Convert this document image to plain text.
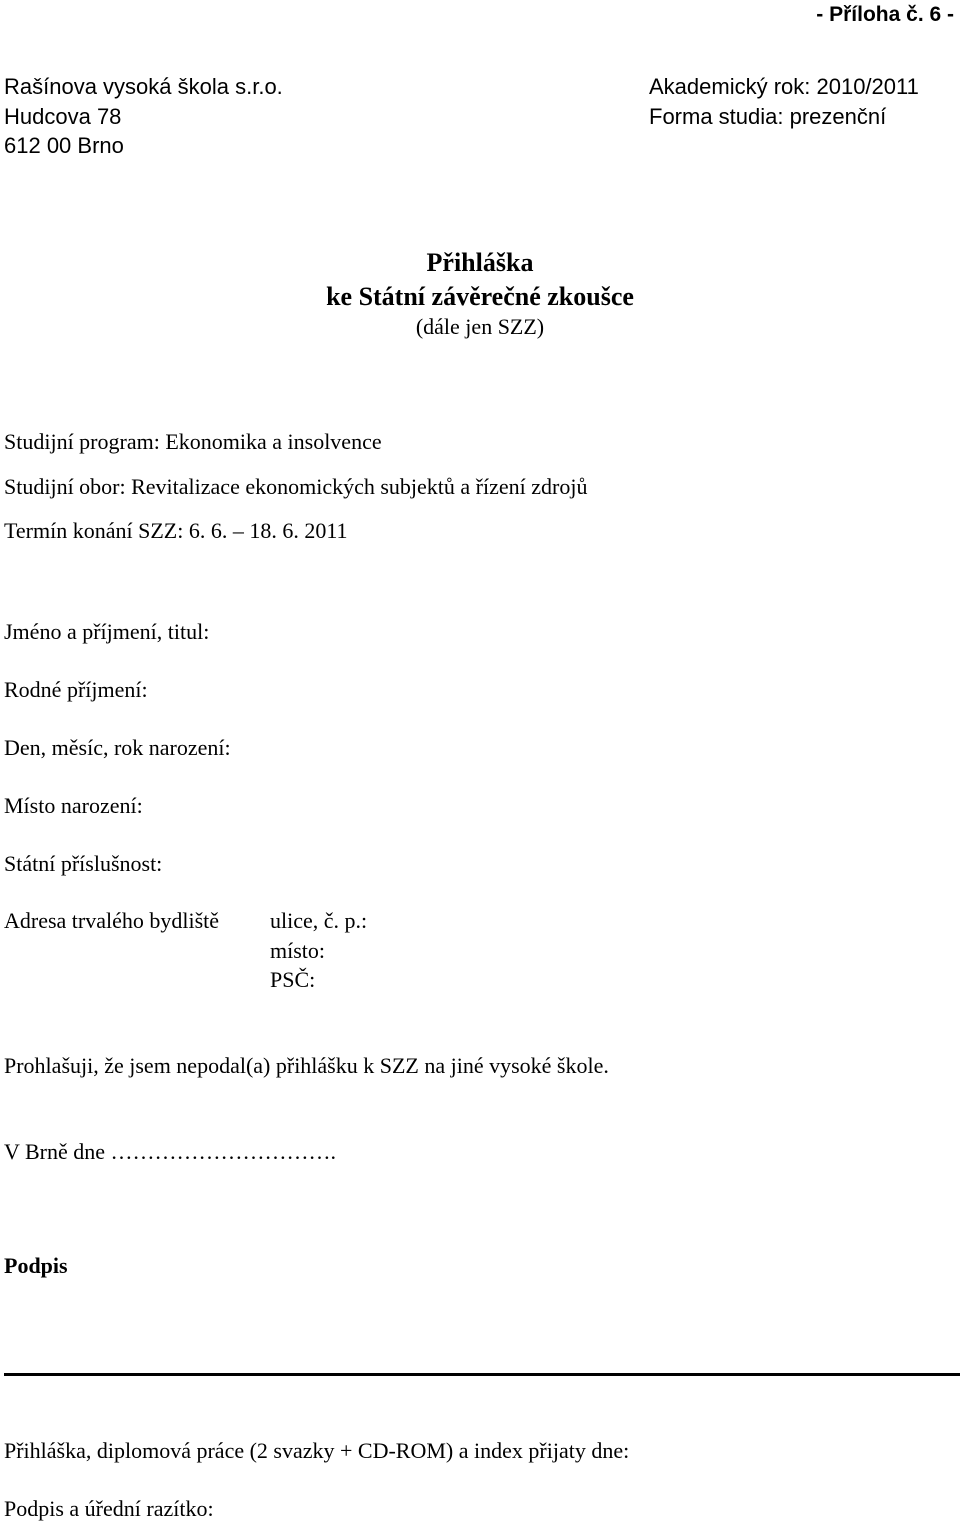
- Příloha č. 6 -
Rašínova vysoká škola s.r.o.
Hudcova 78
612 00 Brno
Akademický rok: 2010/2011
Forma studia: prezenční
Přihláška
ke Státní závěrečné zkoušce
(dále jen SZZ)
Studijní program: Ekonomika a insolvence
Studijní obor: Revitalizace ekonomických subjektů a řízení zdrojů
Termín konání SZZ: 6. 6. – 18. 6. 2011
Jméno a příjmení, titul:
Rodné příjmení:
Den, měsíc, rok narození:
Místo narození:
Státní příslušnost:
Adresa trvalého bydliště ulice, č. p.:
místo:
PSČ:
Prohlašuji, že jsem nepodal(a) přihlášku k SZZ na jiné vysoké škole.
V Brně dne ………………………….
Podpis
Přihláška, diplomová práce (2 svazky + CD-ROM) a index přijaty dne:
Podpis a úřední razítko:
